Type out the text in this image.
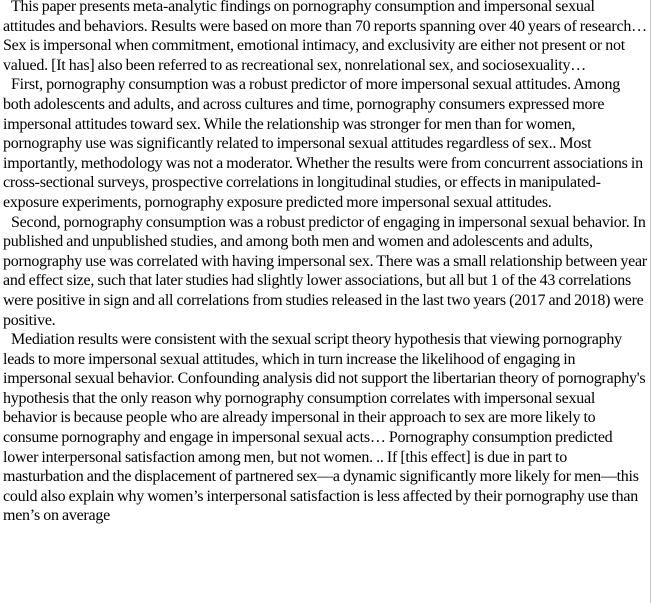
This paper presents meta-analytic findings on pornography consumption and impersonal sexual attitudes and behaviors. Results were based on more than 70 reports spanning over 40 years of research… Sex is impersonal when commitment, emotional intimacy, and exclusivity are either not present or not valued. [It has] also been referred to as recreational sex, nonrelational sex, and sociosexuality…

First, pornography consumption was a robust predictor of more impersonal sexual attitudes. Among both adolescents and adults, and across cultures and time, pornography consumers expressed more impersonal attitudes toward sex. While the relationship was stronger for men than for women, pornography use was significantly related to impersonal sexual attitudes regardless of sex.. Most importantly, methodology was not a moderator. Whether the results were from concurrent associations in cross-sectional surveys, prospective correlations in longitudinal studies, or effects in manipulated-exposure experiments, pornography exposure predicted more impersonal sexual attitudes.

Second, pornography consumption was a robust predictor of engaging in impersonal sexual behavior. In published and unpublished studies, and among both men and women and adolescents and adults, pornography use was correlated with having impersonal sex. There was a small relationship between year and effect size, such that later studies had slightly lower associations, but all but 1 of the 43 correlations were positive in sign and all correlations from studies released in the last two years (2017 and 2018) were positive.

Mediation results were consistent with the sexual script theory hypothesis that viewing pornography leads to more impersonal sexual attitudes, which in turn increase the likelihood of engaging in impersonal sexual behavior. Confounding analysis did not support the libertarian theory of pornography's hypothesis that the only reason why pornography consumption correlates with impersonal sexual behavior is because people who are already impersonal in their approach to sex are more likely to consume pornography and engage in impersonal sexual acts… Pornography consumption predicted lower interpersonal satisfaction among men, but not women. .. If [this effect] is due in part to masturbation and the displacement of partnered sex—a dynamic significantly more likely for men—this could also explain why women’s interpersonal satisfaction is less affected by their pornography use than men’s on average
